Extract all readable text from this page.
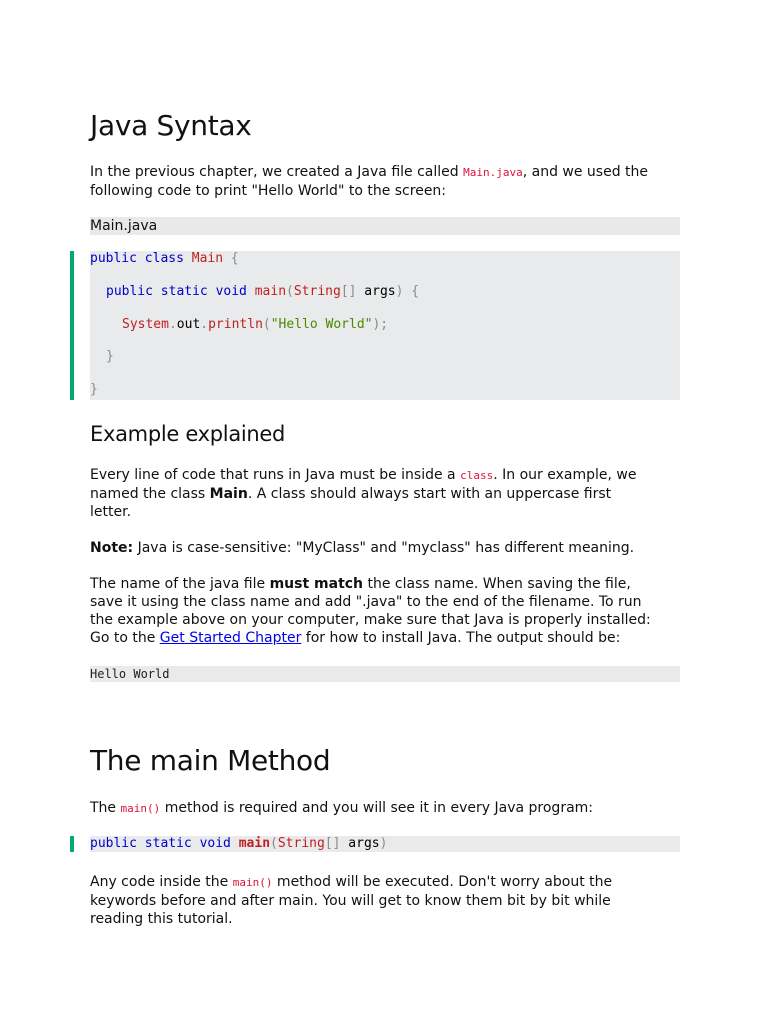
Java Syntax

In the previous chapter, we created a Java file called Main.java, and we used the
following code to print "Hello World" to the screen:

Main.java
public class Main {
public static void main(String[] args) {
System.out.println("Hello World");
}
}
Example explained

Every line of code that runs in Java must be inside a class. In our example, we
named the class Main. A class should always start with an uppercase first
letter.

Note: Java is case-sensitive: "MyClass" and "myclass" has different meaning.

The name of the java file must match the class name. When saving the file,
save it using the class name and add ".java" to the end of the filename. To run
the example above on your computer, make sure that Java is properly installed:
Go to the Get Started Chapter for how to install Java. The output should be:

Hello World
The main Method

The main() method is required and you will see it in every Java program:

public static void main(String[] args)

Any code inside the main() method will be executed. Don't worry about the
keywords before and after main. You will get to know them bit by bit while
reading this tutorial.
